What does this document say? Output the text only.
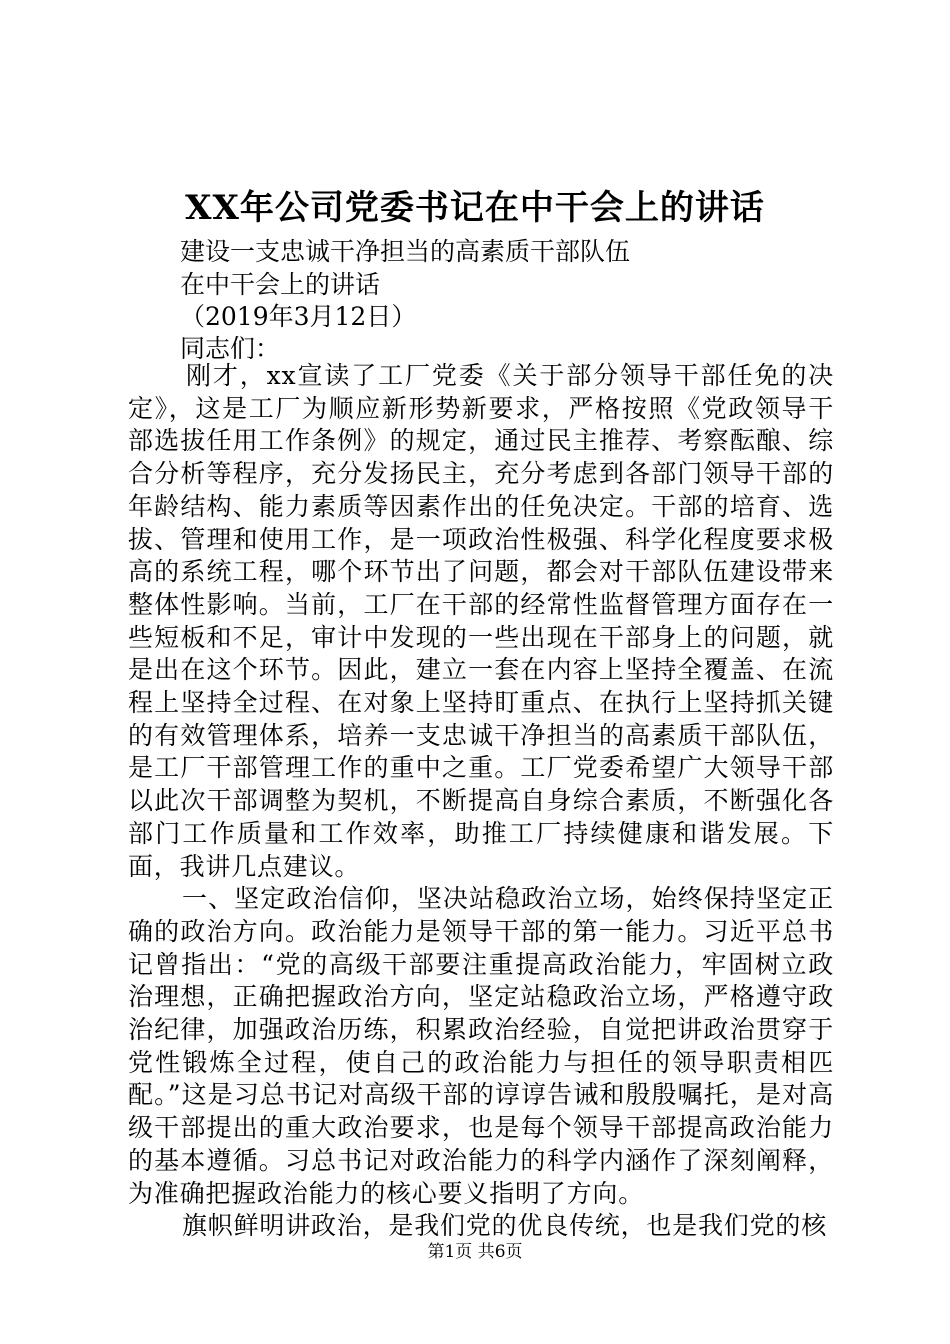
XX年公司党委书记在中干会上的讲话
建设一支忠诚干净担当的高素质干部队伍
在中干会上的讲话
（2019年3月12日）
同志们：

刚才，xx宣读了工厂党委《关于部分领导干部任免的决定》，这是工厂为顺应新形势新要求，严格按照《党政领导干部选拔任用工作条例》的规定，通过民主推荐、考察酝酿、综合分析等程序，充分发扬民主，充分考虑到各部门领导干部的年龄结构、能力素质等因素作出的任免决定。干部的培育、选拔、管理和使用工作，是一项政治性极强、科学化程度要求极高的系统工程，哪个环节出了问题，都会对干部队伍建设带来整体性影响。当前，工厂在干部的经常性监督管理方面存在一些短板和不足，审计中发现的一些出现在干部身上的问题，就是出在这个环节。因此，建立一套在内容上坚持全覆盖、在流程上坚持全过程、在对象上坚持盯重点、在执行上坚持抓关键的有效管理体系，培养一支忠诚干净担当的高素质干部队伍，是工厂干部管理工作的重中之重。工厂党委希望广大领导干部以此次干部调整为契机，不断提高自身综合素质，不断强化各部门工作质量和工作效率，助推工厂持续健康和谐发展。下面，我讲几点建议。

一、坚定政治信仰，坚决站稳政治立场，始终保持坚定正确的政治方向。政治能力是领导干部的第一能力。习近平总书记曾指出：“党的高级干部要注重提高政治能力，牢固树立政治理想，正确把握政治方向，坚定站稳政治立场，严格遵守政治纪律，加强政治历练，积累政治经验，自觉把讲政治贯穿于党性锻炼全过程，使自己的政治能力与担任的领导职责相匹配。”这是习总书记对高级干部的谆谆告诫和殷殷嘱托，是对高级干部提出的重大政治要求，也是每个领导干部提高政治能力的基本遵循。习总书记对政治能力的科学内涵作了深刻阐释，为准确把握政治能力的核心要义指明了方向。

旗帜鲜明讲政治，是我们党的优良传统，也是我们党的核

第1页 共6页
